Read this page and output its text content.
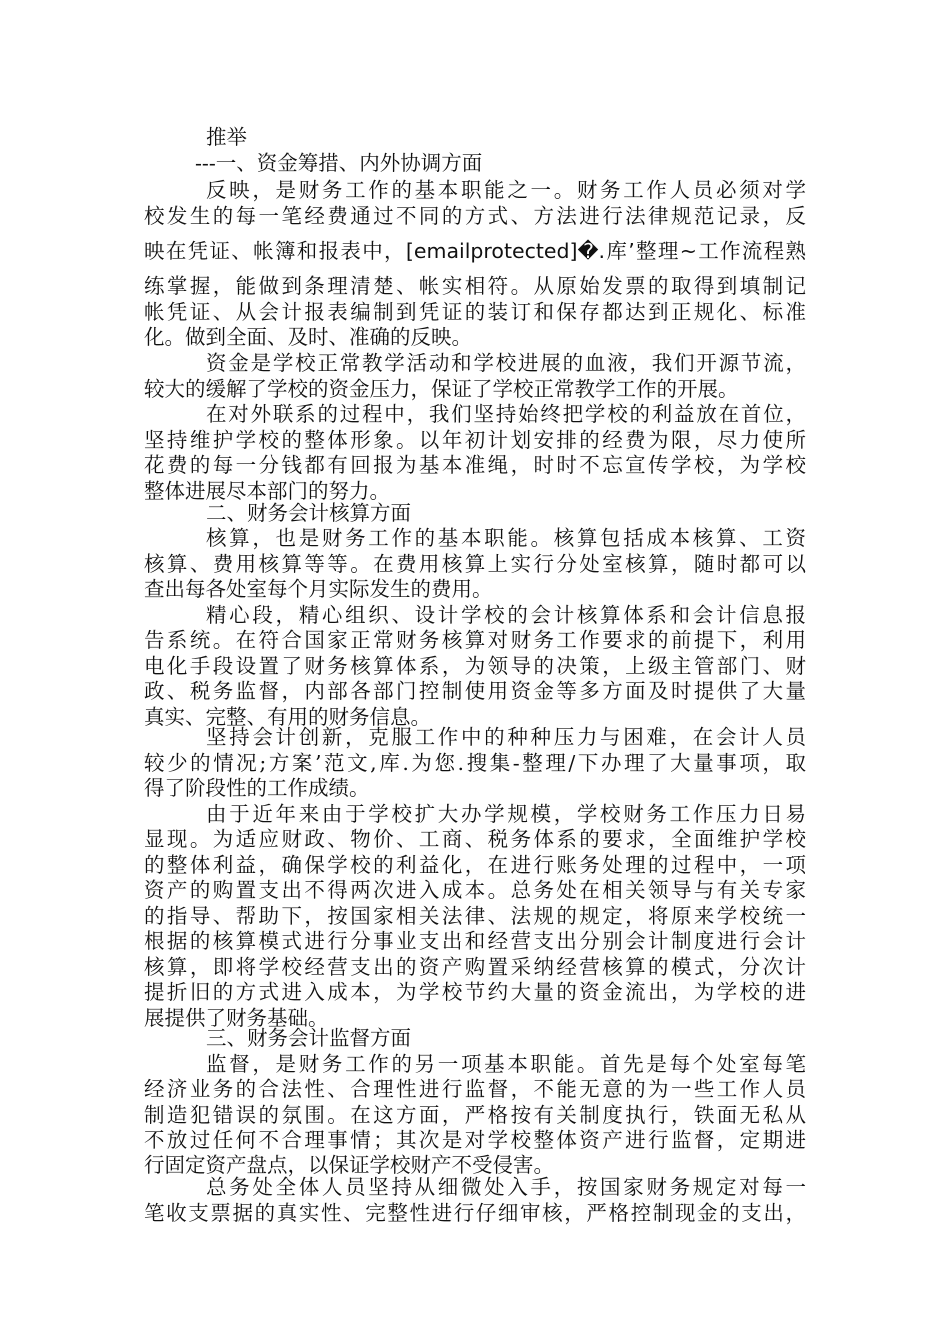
推举
---一、资金筹措、内外协调方面
反映，是财务工作的基本职能之一。财务工作人员必须对学
校发生的每一笔经费通过不同的方式、方法进行法律规范记录，反
映在凭证、帐簿和报表中，[emailprotected]�.库’整理~工作流程熟
练掌握，能做到条理清楚、帐实相符。从原始发票的取得到填制记
帐凭证、从会计报表编制到凭证的装订和保存都达到正规化、标准
化。做到全面、及时、准确的反映。
资金是学校正常教学活动和学校进展的血液，我们开源节流，
较大的缓解了学校的资金压力，保证了学校正常教学工作的开展。
在对外联系的过程中，我们坚持始终把学校的利益放在首位，
坚持维护学校的整体形象。以年初计划安排的经费为限，尽力使所
花费的每一分钱都有回报为基本准绳，时时不忘宣传学校，为学校
整体进展尽本部门的努力。
二、财务会计核算方面
核算，也是财务工作的基本职能。核算包括成本核算、工资
核算、费用核算等等。在费用核算上实行分处室核算，随时都可以
查出每各处室每个月实际发生的费用。
精心段，精心组织、设计学校的会计核算体系和会计信息报
告系统。在符合国家正常财务核算对财务工作要求的前提下，利用
电化手段设置了财务核算体系，为领导的决策，上级主管部门、财
政、税务监督，内部各部门控制使用资金等多方面及时提供了大量
真实、完整、有用的财务信息。
坚持会计创新，克服工作中的种种压力与困难，在会计人员
较少的情况;方案’范文,库.为您.搜集-整理/下办理了大量事项，取
得了阶段性的工作成绩。
由于近年来由于学校扩大办学规模，学校财务工作压力日易
显现。为适应财政、物价、工商、税务体系的要求，全面维护学校
的整体利益，确保学校的利益化，在进行账务处理的过程中，一项
资产的购置支出不得两次进入成本。总务处在相关领导与有关专家
的指导、帮助下，按国家相关法律、法规的规定，将原来学校统一
根据的核算模式进行分事业支出和经营支出分别会计制度进行会计
核算，即将学校经营支出的资产购置采纳经营核算的模式，分次计
提折旧的方式进入成本，为学校节约大量的资金流出，为学校的进
展提供了财务基础。
三、财务会计监督方面
监督，是财务工作的另一项基本职能。首先是每个处室每笔
经济业务的合法性、合理性进行监督，不能无意的为一些工作人员
制造犯错误的氛围。在这方面，严格按有关制度执行，铁面无私从
不放过任何不合理事情；其次是对学校整体资产进行监督，定期进
行固定资产盘点，以保证学校财产不受侵害。
总务处全体人员坚持从细微处入手，按国家财务规定对每一
笔收支票据的真实性、完整性进行仔细审核，严格控制现金的支出，
